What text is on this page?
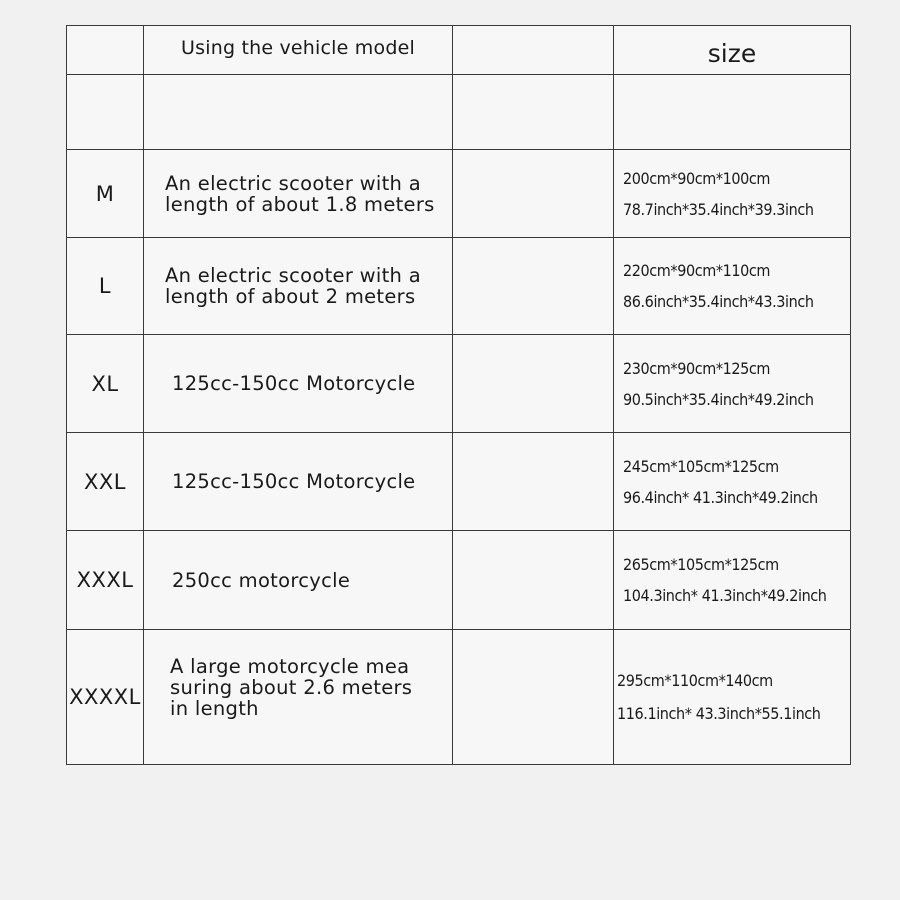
	Using the vehicle model		size

M	An electric scooter with a
length of about 1.8 meters		200cm*90cm*100cm
78.7inch*35.4inch*39.3inch

L	An electric scooter with a
length of about 2 meters		220cm*90cm*110cm
86.6inch*35.4inch*43.3inch

XL	125cc-150cc Motorcycle		230cm*90cm*125cm
90.5inch*35.4inch*49.2inch

XXL	125cc-150cc Motorcycle		245cm*105cm*125cm
96.4inch* 41.3inch*49.2inch

XXXL	250cc motorcycle		265cm*105cm*125cm
104.3inch* 41.3inch*49.2inch

XXXXL	A large motorcycle mea
suring about 2.6 meters
in length		295cm*110cm*140cm
116.1inch* 43.3inch*55.1inch
